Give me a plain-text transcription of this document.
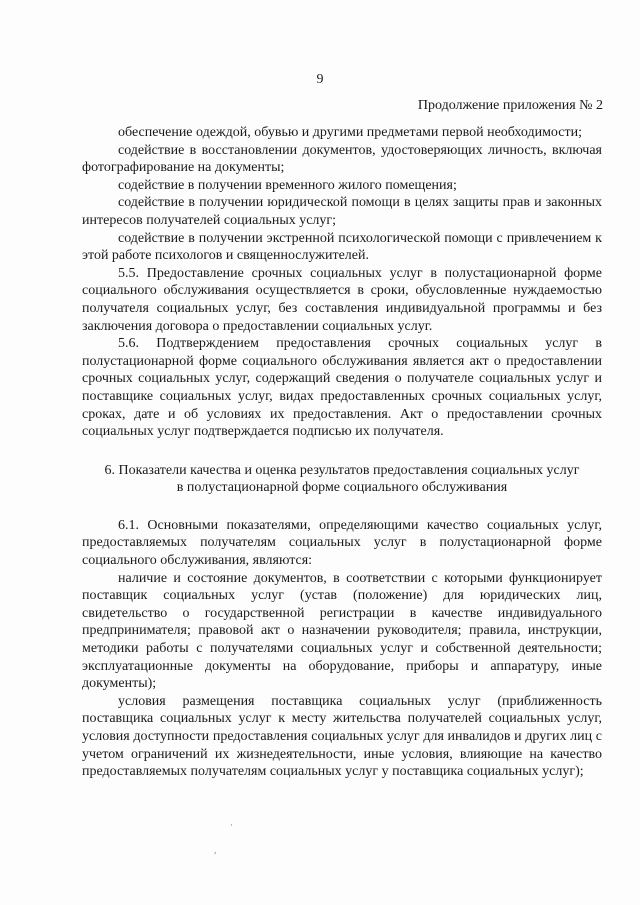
9
Продолжение приложения № 2

обеспечение одеждой, обувью и другими предметами первой необходимости;

содействие в восстановлении документов, удостоверяющих личность, включая фотографирование на документы;

содействие в получении временного жилого помещения;

содействие в получении юридической помощи в целях защиты прав и законных интересов получателей социальных услуг;

содействие в получении экстренной психологической помощи с привлечением к этой работе психологов и священнослужителей.

5.5. Предоставление срочных социальных услуг в полустационарной форме социального обслуживания осуществляется в сроки, обусловленные нуждаемостью получателя социальных услуг, без составления индивидуальной программы и без заключения договора о предоставлении социальных услуг.

5.6. Подтверждением предоставления срочных социальных услуг в полустационарной форме социального обслуживания является акт о предоставлении срочных социальных услуг, содержащий сведения о получателе социальных услуг и поставщике социальных услуг, видах предоставленных срочных социальных услуг, сроках, дате и об условиях их предоставления. Акт о предоставлении срочных социальных услуг подтверждается подписью их получателя.

6. Показатели качества и оценка результатов предоставления социальных услуг
в полустационарной форме социального обслуживания

6.1. Основными показателями, определяющими качество социальных услуг, предоставляемых получателям социальных услуг в полустационарной форме социального обслуживания, являются:

наличие и состояние документов, в соответствии с которыми функционирует поставщик социальных услуг (устав (положение) для юридических лиц, свидетельство о государственной регистрации в качестве индивидуального предпринимателя; правовой акт о назначении руководителя; правила, инструкции, методики работы с получателями социальных услуг и собственной деятельности; эксплуатационные документы на оборудование, приборы и аппаратуру, иные документы);

условия размещения поставщика социальных услуг (приближенность поставщика социальных услуг к месту жительства получателей социальных услуг, условия доступности предоставления социальных услуг для инвалидов и других лиц с учетом ограничений их жизнедеятельности, иные условия, влияющие на качество предоставляемых получателям социальных услуг у поставщика социальных услуг);

·
,
